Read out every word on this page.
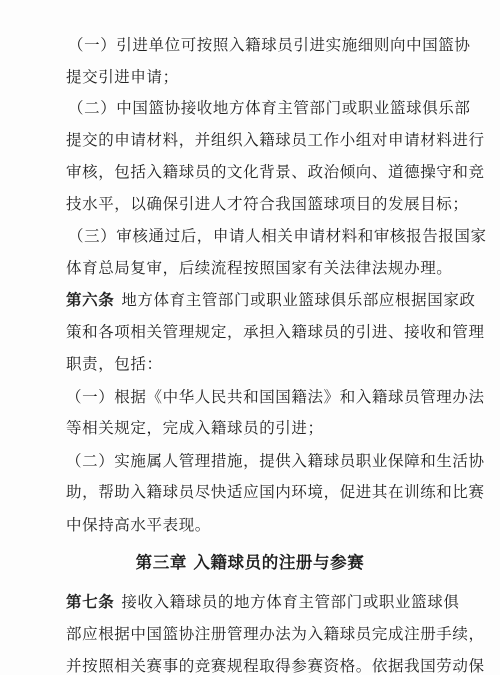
（一）引进单位可按照入籍球员引进实施细则向中国篮协
提交引进申请；
（二）中国篮协接收地方体育主管部门或职业篮球俱乐部
提交的申请材料，并组织入籍球员工作小组对申请材料进行
审核，包括入籍球员的文化背景、政治倾向、道德操守和竞
技水平，以确保引进人才符合我国篮球项目的发展目标；
（三）审核通过后，申请人相关申请材料和审核报告报国家
体育总局复审，后续流程按照国家有关法律法规办理。
第六条 地方体育主管部门或职业篮球俱乐部应根据国家政
策和各项相关管理规定，承担入籍球员的引进、接收和管理
职责，包括：
（一）根据《中华人民共和国国籍法》和入籍球员管理办法
等相关规定，完成入籍球员的引进；
（二）实施属人管理措施，提供入籍球员职业保障和生活协
助，帮助入籍球员尽快适应国内环境，促进其在训练和比赛
中保持高水平表现。
第三章 入籍球员的注册与参赛
第七条 接收入籍球员的地方体育主管部门或职业篮球俱
部应根据中国篮协注册管理办法为入籍球员完成注册手续，
并按照相关赛事的竞赛规程取得参赛资格。依据我国劳动保
